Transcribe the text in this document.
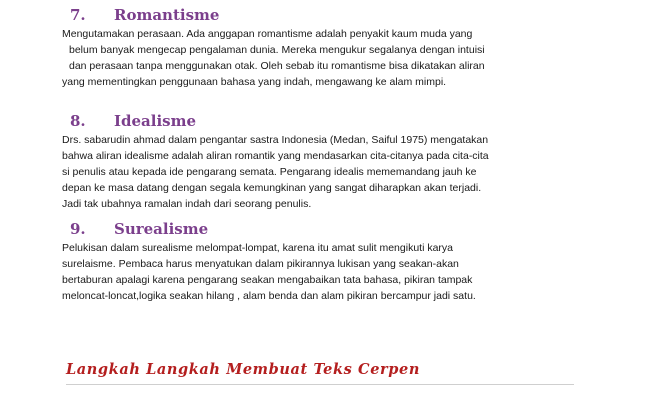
7. Romantisme
Mengutamakan perasaan. Ada anggapan romantisme adalah penyakit kaum muda yang
belum banyak mengecap pengalaman dunia. Mereka mengukur segalanya dengan intuisi
dan perasaan tanpa menggunakan otak. Oleh sebab itu romantisme bisa dikatakan aliran
yang mementingkan penggunaan bahasa yang indah, mengawang ke alam mimpi.
8. Idealisme
Drs. sabarudin ahmad dalam pengantar sastra Indonesia (Medan, Saiful 1975) mengatakan
bahwa aliran idealisme adalah aliran romantik yang mendasarkan cita-citanya pada cita-cita
si penulis atau kepada ide pengarang semata. Pengarang idealis mememandang jauh ke
depan ke masa datang dengan segala kemungkinan yang sangat diharapkan akan terjadi.
Jadi tak ubahnya ramalan indah dari seorang penulis.
9. Surealisme
Pelukisan dalam surealisme melompat-lompat, karena itu amat sulit mengikuti karya
surelaisme. Pembaca harus menyatukan dalam pikirannya lukisan yang seakan-akan
bertaburan apalagi karena pengarang seakan mengabaikan tata bahasa, pikiran tampak
meloncat-loncat,logika seakan hilang , alam benda dan alam pikiran bercampur jadi satu.
Langkah Langkah Membuat Teks Cerpen
